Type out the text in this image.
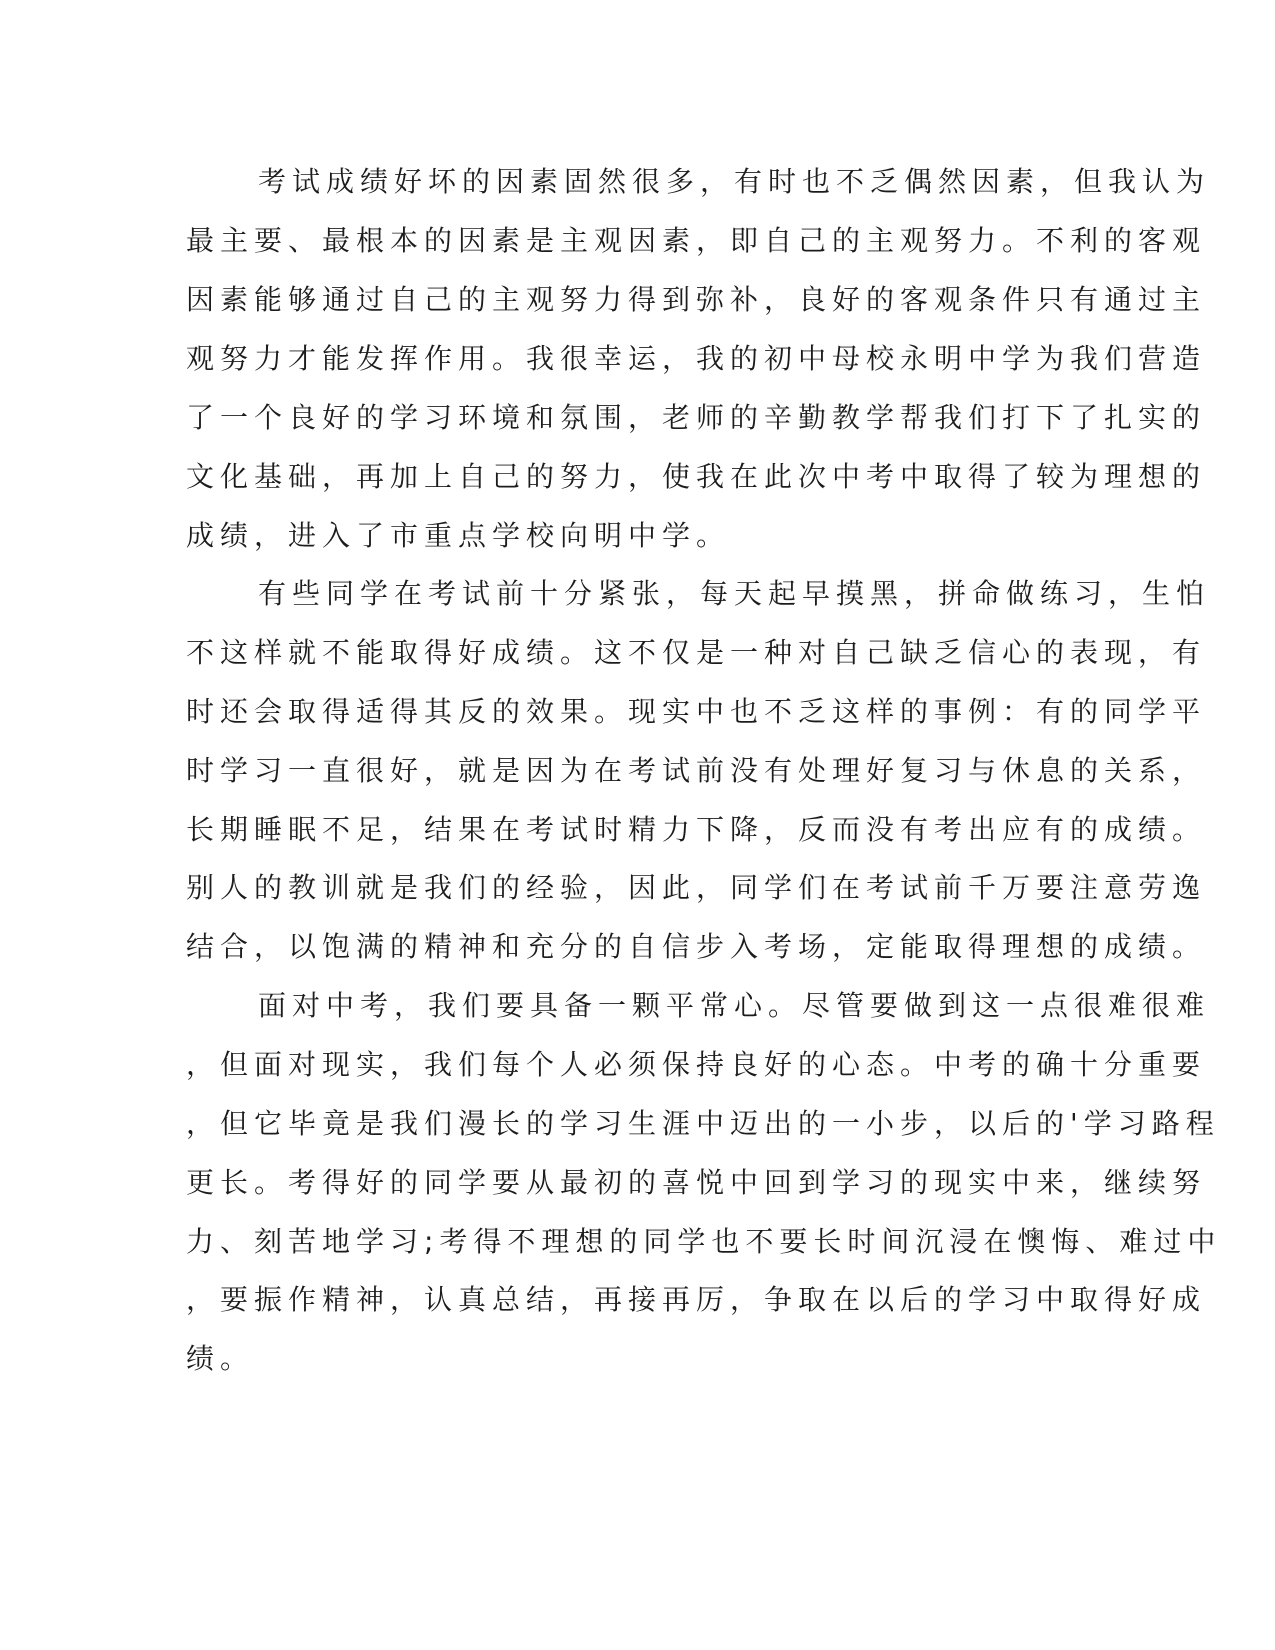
考试成绩好坏的因素固然很多，有时也不乏偶然因素，但我认为

最主要、最根本的因素是主观因素，即自己的主观努力。不利的客观

因素能够通过自己的主观努力得到弥补，良好的客观条件只有通过主

观努力才能发挥作用。我很幸运，我的初中母校永明中学为我们营造

了一个良好的学习环境和氛围，老师的辛勤教学帮我们打下了扎实的

文化基础，再加上自己的努力，使我在此次中考中取得了较为理想的

成绩，进入了市重点学校向明中学。

有些同学在考试前十分紧张，每天起早摸黑，拼命做练习，生怕

不这样就不能取得好成绩。这不仅是一种对自己缺乏信心的表现，有

时还会取得适得其反的效果。现实中也不乏这样的事例：有的同学平

时学习一直很好，就是因为在考试前没有处理好复习与休息的关系，

长期睡眠不足，结果在考试时精力下降，反而没有考出应有的成绩。

别人的教训就是我们的经验，因此，同学们在考试前千万要注意劳逸

结合，以饱满的精神和充分的自信步入考场，定能取得理想的成绩。

面对中考，我们要具备一颗平常心。尽管要做到这一点很难很难

，但面对现实，我们每个人必须保持良好的心态。中考的确十分重要

，但它毕竟是我们漫长的学习生涯中迈出的一小步，以后的'学习路程

更长。考得好的同学要从最初的喜悦中回到学习的现实中来，继续努

力、刻苦地学习;考得不理想的同学也不要长时间沉浸在懊悔、难过中

，要振作精神，认真总结，再接再厉，争取在以后的学习中取得好成

绩。
